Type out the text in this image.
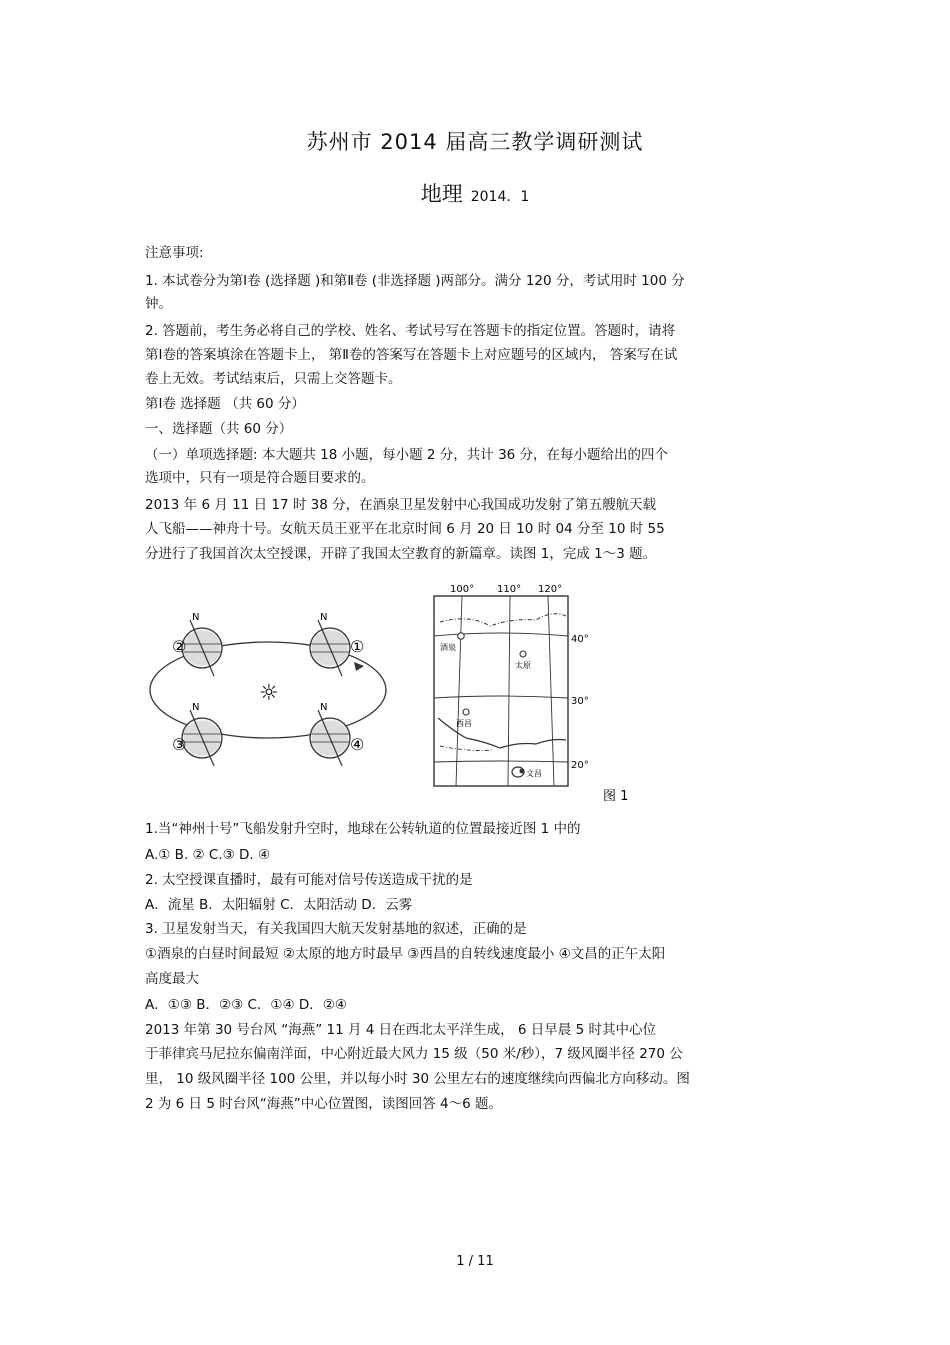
苏州市 2014 届高三教学调研测试
地理 2014．1
注意事项:
1. 本试卷分为第Ⅰ卷 (选择题 )和第Ⅱ卷 (非选择题 )两部分。满分 120 分，考试用时 100 分
钟。
2. 答题前，考生务必将自己的学校、姓名、考试号写在答题卡的指定位置。答题时，请将
第Ⅰ卷的答案填涂在答题卡上， 第Ⅱ卷的答案写在答题卡上对应题号的区域内， 答案写在试
卷上无效。考试结束后，只需上交答题卡。
第Ⅰ卷 选择题 （共 60 分）
一、选择题（共 60 分）
（一）单项选择题: 本大题共 18 小题，每小题 2 分，共计 36 分，在每小题给出的四个
选项中，只有一项是符合题目要求的。
2013 年 6 月 11 日 17 时 38 分，在酒泉卫星发射中心我国成功发射了第五艘航天载
人飞船——神舟十号。女航天员王亚平在北京时间 6 月 20 日 10 时 04 分至 10 时 55
分进行了我国首次太空授课，开辟了我国太空教育的新篇章。读图 1，完成 1～3 题。
☼
N
②
N
①
N
③
N
④
酒泉
太原
西昌
文昌
100° 110° 120°
40°
30°
20°
图 1
1.当“神州十号”飞船发射升空时，地球在公转轨道的位置最接近图 1 中的
A.① B. ② C.③ D. ④
2. 太空授课直播时，最有可能对信号传送造成干扰的是
A．流星 B．太阳辐射 C．太阳活动 D．云雾
3. 卫星发射当天，有关我国四大航天发射基地的叙述，正确的是
①酒泉的白昼时间最短 ②太原的地方时最早 ③西昌的自转线速度最小 ④文昌的正午太阳
高度最大
A．①③ B．②③ C．①④ D．②④
2013 年第 30 号台风 “海燕” 11 月 4 日在西北太平洋生成， 6 日早晨 5 时其中心位
于菲律宾马尼拉东偏南洋面，中心附近最大风力 15 级（50 米/秒），7 级风圈半径 270 公
里， 10 级风圈半径 100 公里，并以每小时 30 公里左右的速度继续向西偏北方向移动。图
2 为 6 日 5 时台风“海燕”中心位置图，读图回答 4～6 题。
1 / 11
